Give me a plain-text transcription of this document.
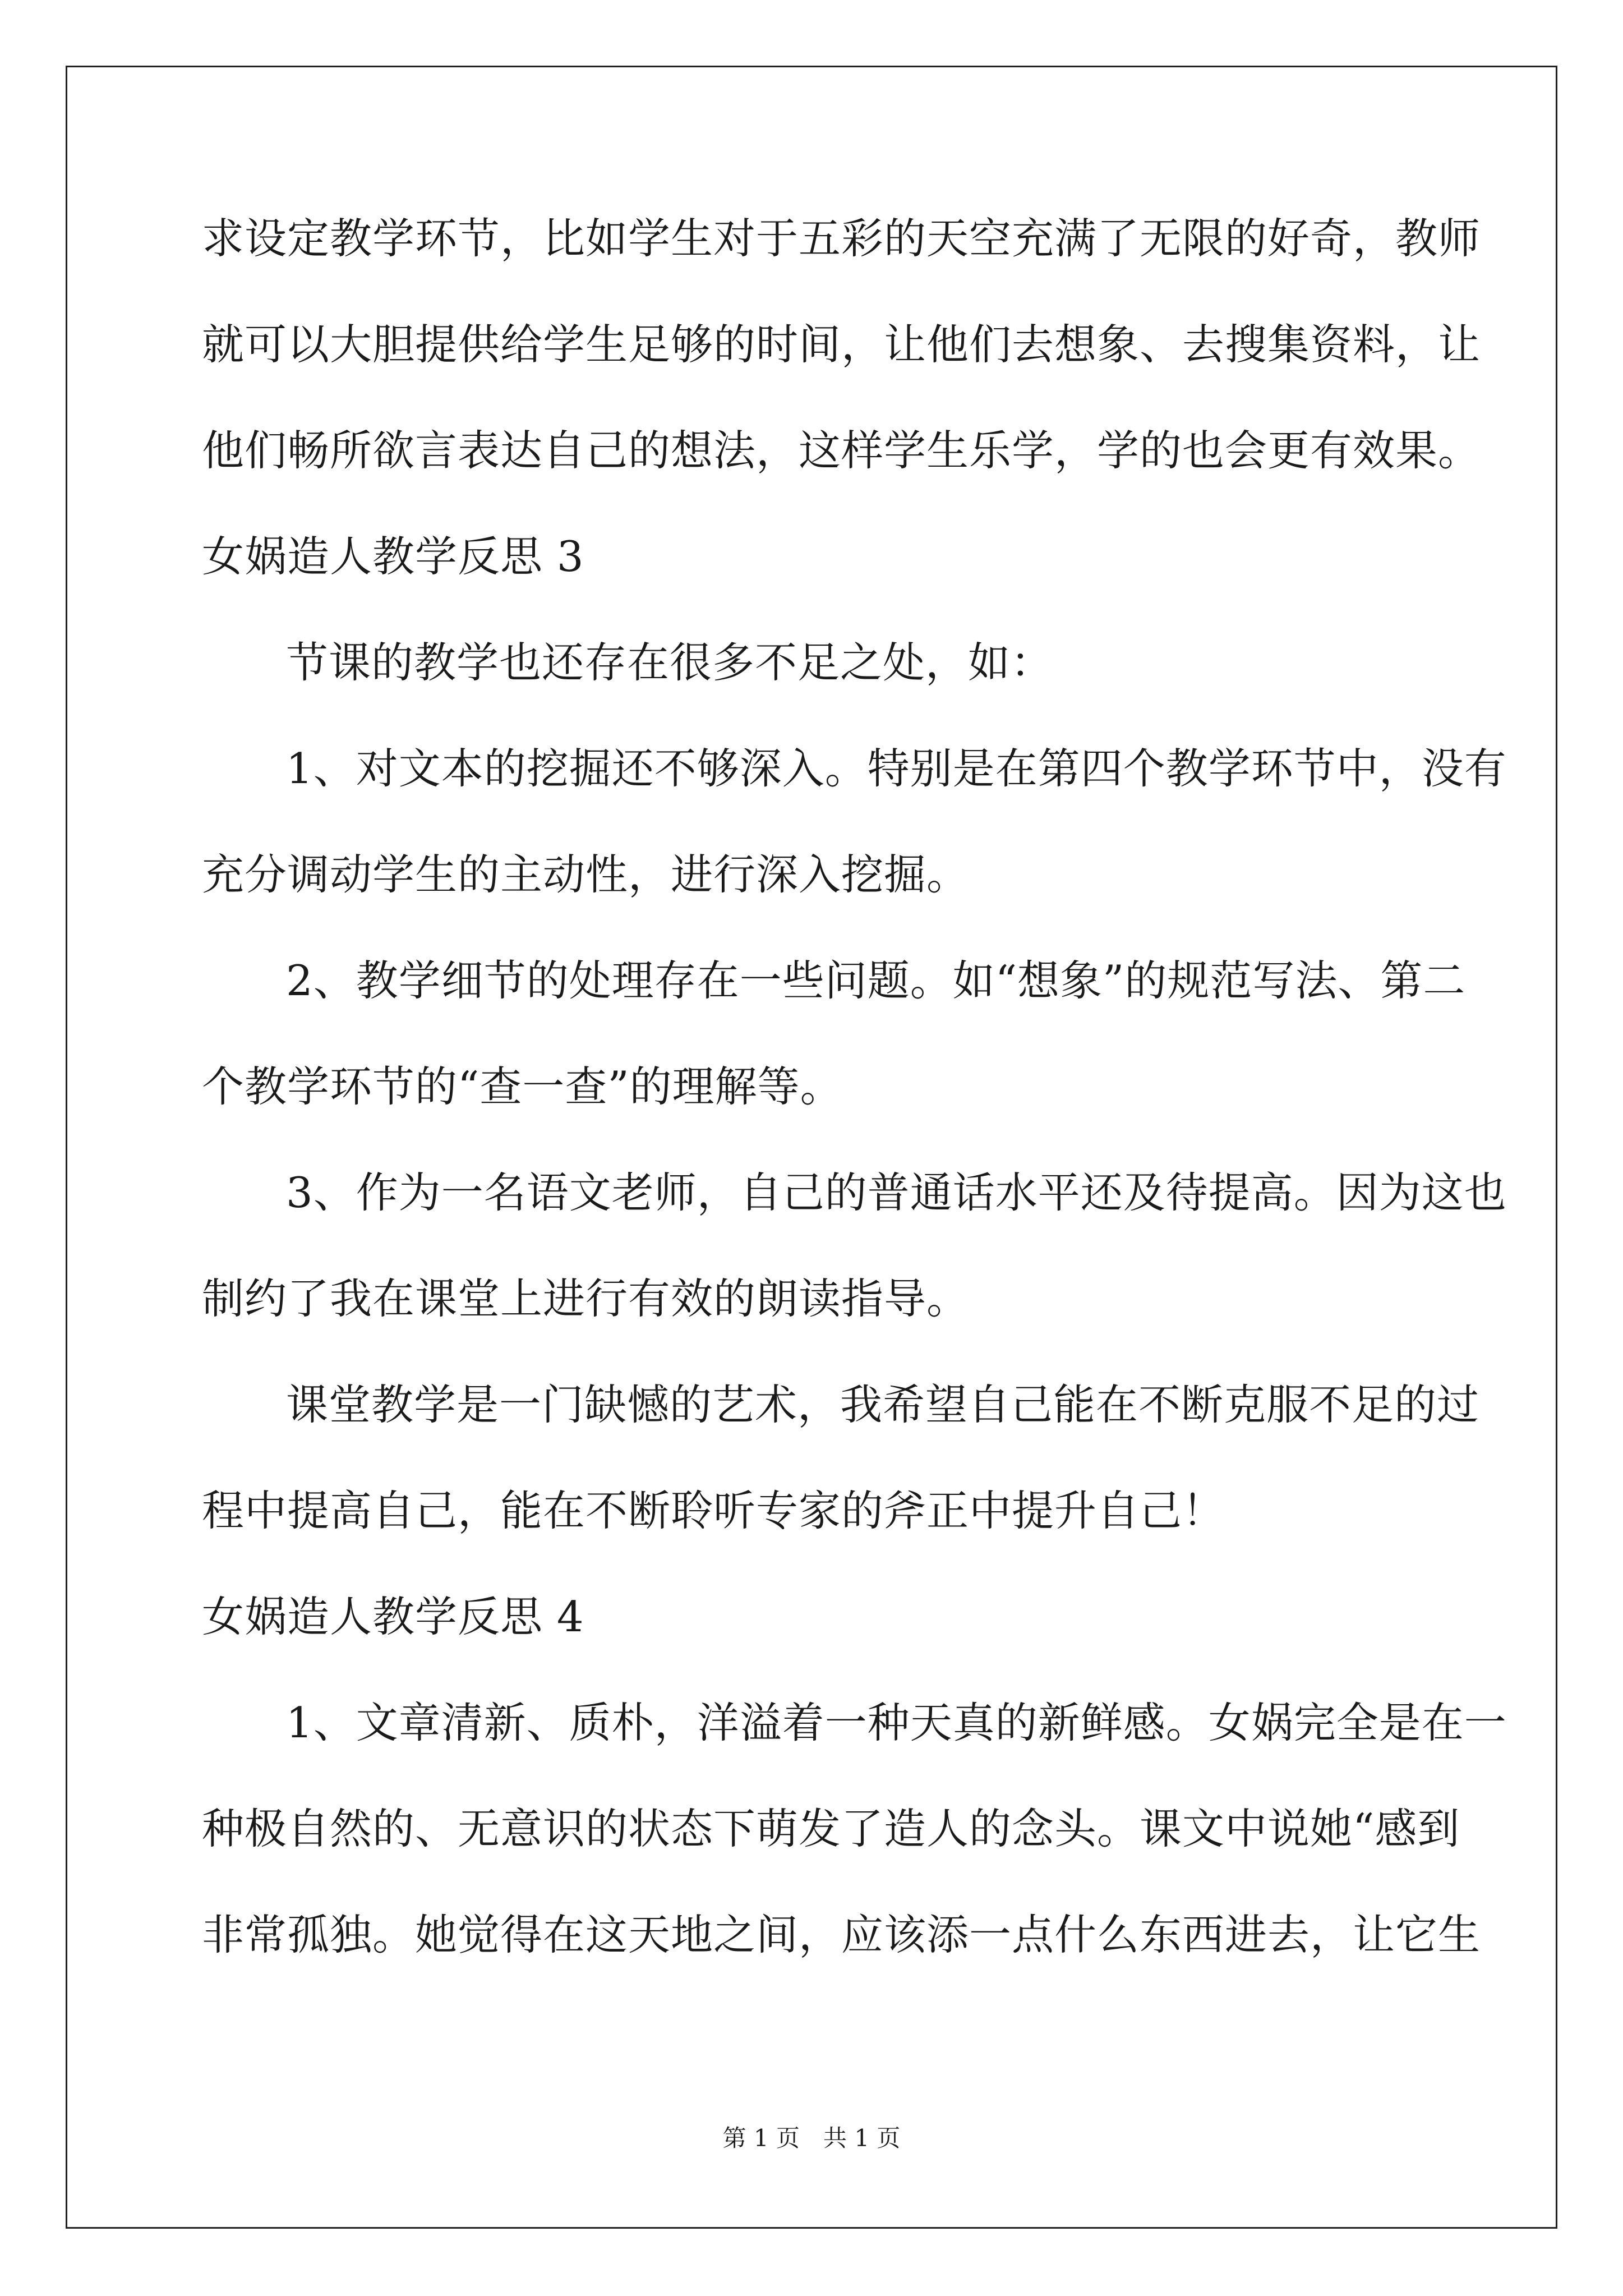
求设定教学环节，比如学生对于五彩的天空充满了无限的好奇，教师
就可以大胆提供给学生足够的时间，让他们去想象、去搜集资料，让
他们畅所欲言表达自己的想法，这样学生乐学，学的也会更有效果。
女娲造人教学反思 3
节课的教学也还存在很多不足之处，如：
1、对文本的挖掘还不够深入。特别是在第四个教学环节中，没有
充分调动学生的主动性，进行深入挖掘。
2、教学细节的处理存在一些问题。如“想象”的规范写法、第二
个教学环节的“查一查”的理解等。
3、作为一名语文老师，自己的普通话水平还及待提高。因为这也
制约了我在课堂上进行有效的朗读指导。
课堂教学是一门缺憾的艺术，我希望自己能在不断克服不足的过
程中提高自己，能在不断聆听专家的斧正中提升自己！
女娲造人教学反思 4
1、文章清新、质朴，洋溢着一种天真的新鲜感。女娲完全是在一
种极自然的、无意识的状态下萌发了造人的念头。课文中说她“感到
非常孤独。她觉得在这天地之间，应该添一点什么东西进去，让它生
第 1 页　共 1 页
